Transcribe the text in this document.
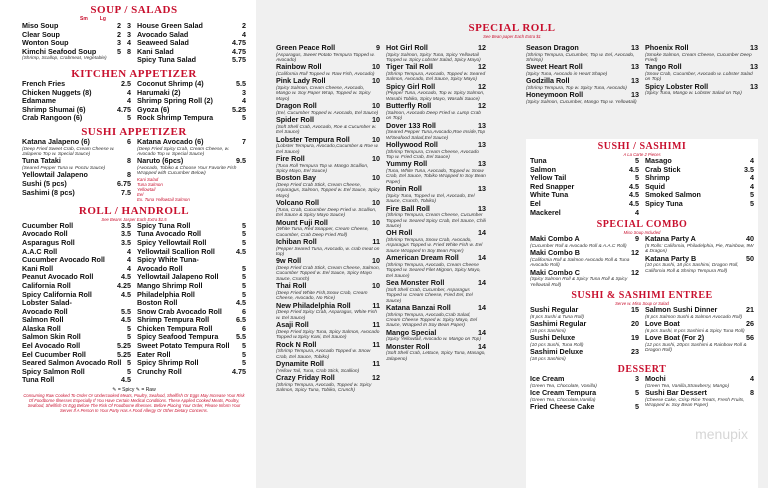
SOUP / SALADS
Sm Lg
Miso Soup	2 3
Clear Soup	2 3
Wonton Soup	3 4
Kimchi Seafood Soup	5 8
(Shrimp, Scallop, Crabmeat, Vegetable)
House Green Salad	2
Avocado Salad	4
Seaweed Salad	4.75
Kani Salad	4.75
Spicy Tuna Salad	5.75
KITCHEN APPETIZER
French Fries	2.5
Chicken Nuggets (8)	4
Edamame	4
Shrimp Shumai (6)	4.75
Crab Rangoon (6)	5
Coconut Shrimp (4)	5.5
Harumaki (2)	3
Shrimp Spring Roll (2)	4
Gyoza (6)	5.25
Rock Shrimp Tempura	5
SUSHI APPETIZER
Katana Jalapeno (6)	6
(Deep Fried Sweet Crab, Cream Cheese w. Jalapeno Top w. Special Sauce)
Tuna Tataki	8
(Seared Pepper Tuna w. Ponzu Sauce)
Yellowtail Jalapeno	8
Sushi (5 pcs)	6.75
Sashimi (8 pcs)	7.5
Katana Avocado (6)	7
(Deep Fried Spicy Crab, Cream Cheese, w. Avocado Top w. Special Sauce)
Naruto (6pcs)	9.5
(Avocado, Tobiko & Choose Your Favorite Fish Wrapped with Cucumber Below)
Kani Salad
Tuna Salmon
Yellowtail
Eel
Ex. Tuna Yellowtail Salmon
ROLL / HANDROLL
See Beans Jasper Each Extra $1.5
Cucumber Roll	3.5
Avocado Roll	3.5
Asparagus Roll	3.5
A.A.C Roll	4
Cucumber Avocado Roll	4
Kani Roll	4
Peanut Avocado Roll	4.5
California Roll	4.25
Spicy California Roll	4.5
Lobster Salad-
Avocado Roll	5.5
Salmon Roll	4.5
Alaska Roll	5
Salmon Skin Roll	5
Eel Avocado Roll	5.25
Eel Cucumber Roll	5.25
Seared Salmon Avocado Roll 5
Spicy Salmon Roll	5
Tuna Roll	4.5
Spicy Tuna Roll	5
Tuna Avocado Roll	5
Spicy Yellowtail Roll	5
Yellowtail Scallion Roll	4.5
Spicy White Tuna-
Avocado Roll	5
Yellowtail Jalapeno Roll	5
Mango Shrimp Roll	5
Philadelphia Roll	5
Boston Roll	4.5
Snow Crab Avocado Roll	6
Shrimp Tempura Roll	6.5
Chicken Tempura Roll	6
Spicy Seafood Tempura 5.5
Sweet Potato Tempura Roll 5
Eater Roll	5
Spicy Shrimp Roll	5
Crunchy Roll	4.75
✎ = Spicy ✎ = Raw
Consuming Raw Cooked To Order Or Undercooked Meats, Poultry, Seafood, Shellfish Or Eggs May Increase Your Risk Of Foodborne Illnesses Especially If You Have Certain Medical Conditions. These Applied Cooked Meats, Poultry, Seafood, Shellfish Or Egg Before The Risk Of Foodborne Illnesses. Before Placing Your Order, Please Inform Your Server If A Person In Your Party Has A Food Allergy Or Other Dietary Concerns.
SPECIAL ROLL
See Bean paper Each Extra $1
Green Peace Roll	9
(Asparagus, Sweet Potato Tempura Topped w. Avocado)
Rainbow Roll	10
(California Roll Topped w. Raw Fish, Avocado)
Pink Lady Roll	10
(Spicy Salmon, Cream Cheese, Avocado, Mango w. Soy Paper Wrap, Topped w. Spicy Mayo)
Dragon Roll	10
(Eel, Cucumber Topped w. Avocado, Eel Sauce)
Spider Roll	10
(Soft Shell Crab, Avocado, Roe & Cucumber w. Eel Sauce)
Lobster Tempura Roll	10
(Lobster Tempura, Avocado,Cucumber & Roe w. Eel Sauce)
Fire Roll	10
(Tuna Roll Tempura Top w. Mango Scallion, Spicy Mayo, Eel Sauce)
Boston Bay	10
(Deep Fried Crab Stick, Cream Cheese, Asparagus, Salmon, Topped w. Eel Sauce, Spicy Mayo)
Volcano Roll	10
(Tuna, Crab, Cucumber Deep Fried w. Scallion, Eel Sauce & Spicy Mayo Sauce)
Mount Fuji Roll	10
(White Tuna, Red Snapper, Cream Cheese, Cucumber, Crab Deep Fried Roll)
Ichiban Roll	11
(Pepper Seared Tuna, Avocado, w. crab meat on top)
9w Roll	10
(Deep Fried Crab Stick, Cream Cheese, Salmon, Cucumber Topped w. Eel Sauce, Spicy Mayo Sauce, Crunch)
Thai Roll	10
(Deep Fried White Fish,Snow Crab, Cream Cheese, Avocado, No Rice)
New Philadelphia Roll	11
(Deep Fried Spicy Crab, Asparagus, White Fish w. Eel Sauce)
Asaji Roll	11
(Deep Fried Spicy Tuna, Spicy Salmon, Avocado Topped w.Spicy Kani, Eel Sauce)
Rock N Roll	11
(Shrimp Tempura, Avocado Topped w. Snow Crab, Eel Sauce, Tobiko)
Dynamite Roll	11
(Yellow Tail, Tuna, Crab Stick, Scallion)
Crazy Friday Roll	12
(Shrimp Tempura, Avocado, Topped w. Spicy Salmon, Spicy Tuna, Tobiko, Crunch)
Hot Girl Roll	12
(Spicy Salmon, Spicy Tuna, Spicy Yellowtail Topped w. Spicy Lobster Salad, Spicy Mayo)
Tiger Tail Roll	12
(Shrimp Tempura, Avocado, Topped w. Seared Salmon, Avocado, Eel Sauce, Spicy Mayo)
Spicy Girl Roll	12
(Pepper Tuna, Avocado, Top w. Spicy Salmon, Wasabi Tobiko, Spicy Mayo, Wasabi Sauce)
Butterfly Roll	12
(Salmon, Avocado Deep Fried w. Lump Crab on Top)
Dover 133 Roll	13
(Seared Pepper Tuna,Avocado,Roe Inside,Top W/Seafood Salad,Eel Sauce)
Hollywood Roll	13
(Shrimp Tempura, Cream Cheese, Avocado Top w. Fried Crab, Eel Sauce)
Yummy Roll	13
(Tuna, White Tuna, Avocado, Topped w. Snow Crab, Eel Sauce, Tobiko Wrapped In Soy Bean Paper)
Ronin Roll	13
(Spicy Tuna, Topped w. Eel, Avocado, Eel Sauce, Crunch, Tobiko)
Fire Ball Roll	13
(Shrimp Tempura, Cream Cheese, Cucumber Topped w. Seared Spicy Crab, Eel Sauce, Chili Sauce)
OH Roll	14
(Shrimp Tempura, Snow Crab, Avocado, Asparagus Topped w. Fried White Fish w. Eel Sauce Wrapped In Soy Bean Paper)
American Dream Roll	14
(Shrimp Tempura, Avocado, Cream Cheese Topped w. Seared Filet Mignon, Spicy Mayo, Eel Sauce)
Sea Monster Roll	14
(Soft Shell Crab, Cucumber, Asparagus Topped w. Cream Cheese, Fried Eel, Eel Sauce)
Katana Banzai Roll	14
(Shrimp Tempura, Avocado,Crab Salad, Cream Cheese Topped w. Spicy Mayo, Eel Sauce, Wrapped In Soy Bean Paper)
Mango Special	14
(Spicy Yellowtail, Avocado w. Mango on Top)
Monster Roll	14
(Soft Shell Crab, Lettuce, Spicy Tuna, Masago, Jalapeno)
Season Dragon	13
(Shrimp Tempura, Cucumber, Top w. Eel, Avocado, Shrimp)
Sweet Heart Roll	13
(Spicy Tuna, Avocado in Heart Shape)
Godzilla Roll	13
(Shrimp Tempura, Top w. Spicy Tuna, Avocado)
Honeymoon Roll	13
(Spicy Salmon, Cucumber, Mango Top w. Yellowtail)
Phoenix Roll	13
(Smoke Salmon, Cream Cheese, Cucumber Deep Fried)
Tango Roll	13
(Snow Crab, Cucumber, Avocado w. Lobster Salad on Top)
Spicy Lobster Roll	13
(Spicy Tuna, Mango w. Lobster Salad on Top)
SUSHI / SASHIMI
A La Carte 2 Pieces
Tuna	5
Salmon	4.5
Yellow Tail	5
Red Snapper	4.5
White Tuna	4.5
Eel	4.5
Mackerel	4
Masago	4
Crab Stick	3.5
Shrimp	4
Squid	4
Smoked Salmon	5
Spicy Tuna	5
SPECIAL COMBO
Miso Soup Included
Maki Combo A	9
(Cucumber Roll & Avocado Roll & A.A.C Roll)
Maki Combo B	12
(California Roll & Salmon Avocado Roll & Tuna Avocado Roll)
Maki Combo C	12
(Spicy Salmon Roll & Spicy Tuna Roll & Spicy Yellowtail Roll)
Katana Party A	40
(5 Rolls: California, Philadelphia, Pie, Rainbow, 9W & Dragon)
Katana Party B	50
(10 pcs Sushi, 18 pcs Sashimi, Dragon Roll, California Roll & Shrimp Tempura Roll)
SUSHI & SASHIMI ENTREE
Serve w. Miso Soup or Salad
Sushi Regular	15
(8 pcs Sushi & Tuna Roll)
Sashimi Regular	20
(15 pcs Sashimi)
Sushi Deluxe	19
(10 pcs Sushi, Tuna Roll)
Sashimi Deluxe	23
(18 pcs Sashimi)
Salmon Sushi Dinner	21
(8 pcs Salmon Sushi & Salmon Avocado Roll)
Love Boat	26
(6 pcs Sushi, 8 pcs Sashimi & Spicy Tuna Roll)
Love Boat (For 2)	56
(12 pcs Sushi, 20pcs Sashimi & Rainbow Roll & Dragon Roll)
DESSERT
Ice Cream	3
(Green Tea, Chocolate, Vanilla)
Ice Cream Tempura	5
(Green Tea, Chocolate,Vanilla)
Fried Cheese Cake	5
Mochi	4
(Green Tea, Vanilla,Strawberry, Mango)
Sushi Bar Dessert	8
(Cheese Cake, Crisp Rice Treats, Fresh Fruits, Wrapped w. Soy Bean Paper)
menupix
